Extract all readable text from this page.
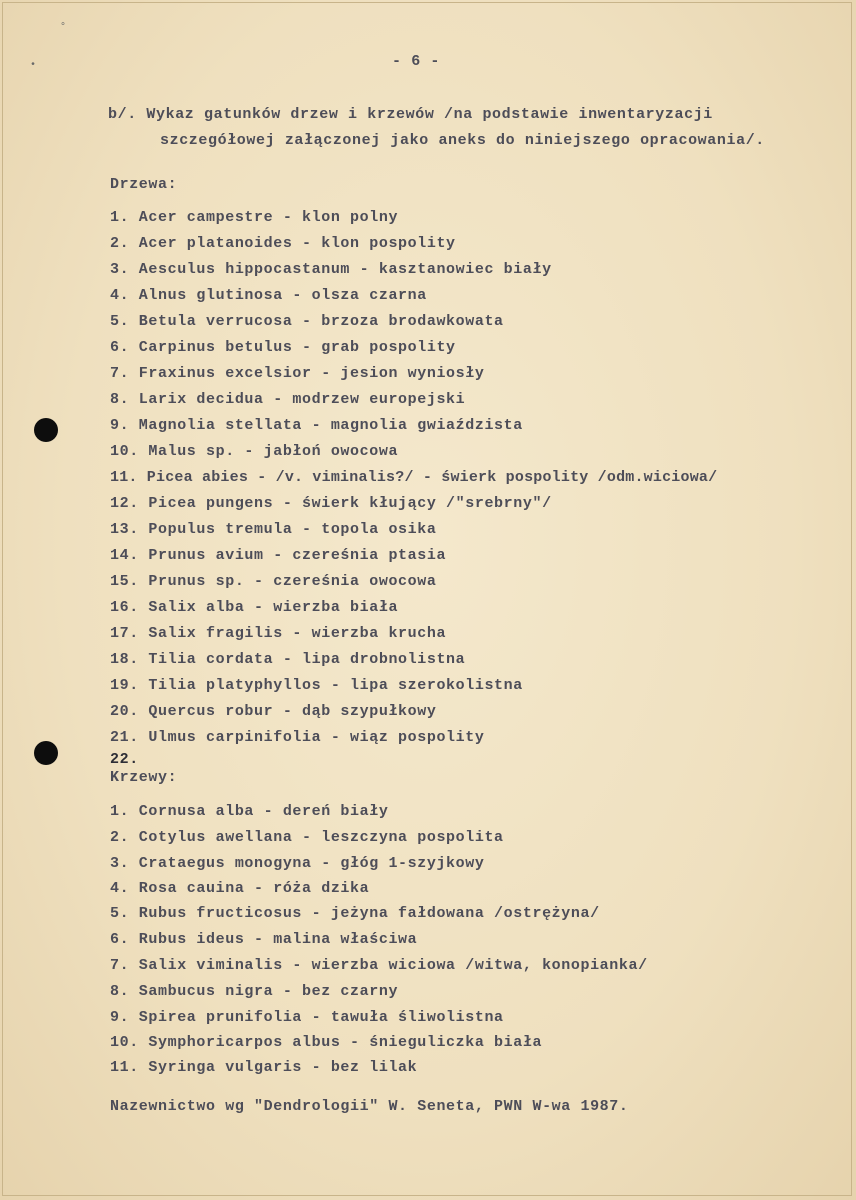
°
•	- 6 -
b/. Wykaz gatunków drzew i krzewów /na podstawie inwentaryzacji
szczegółowej załączonej jako aneks do niniejszego opracowania/.
Drzewa:
1. Acer campestre - klon polny
2. Acer platanoides - klon pospolity
3. Aesculus hippocastanum - kasztanowiec biały
4. Alnus glutinosa - olsza czarna
5. Betula verrucosa - brzoza brodawkowata
6. Carpinus betulus - grab pospolity
7. Fraxinus excelsior - jesion wyniosły
8. Larix decidua - modrzew europejski
9. Magnolia stellata - magnolia gwiaździsta
10. Malus sp. - jabłoń owocowa
11. Picea abies - /v. viminalis?/ - świerk pospolity /odm.wiciowa/
12. Picea pungens - świerk kłujący /"srebrny"/
13. Populus tremula - topola osika
14. Prunus avium - czereśnia ptasia
15. Prunus sp. - czereśnia owocowa
16. Salix alba - wierzba biała
17. Salix fragilis - wierzba krucha
18. Tilia cordata - lipa drobnolistna
19. Tilia platyphyllos - lipa szerokolistna
20. Quercus robur - dąb szypułkowy
21. Ulmus carpinifolia - wiąz pospolity
22.
Krzewy:
1. Cornusa alba - dereń biały
2. Cotylus awellana - leszczyna pospolita
3. Crataegus monogyna - głóg 1-szyjkowy
4. Rosa cauina - róża dzika
5. Rubus fructicosus - jeżyna fałdowana /ostrężyna/
6. Rubus ideus - malina właściwa
7. Salix viminalis - wierzba wiciowa /witwa, konopianka/
8. Sambucus nigra - bez czarny
9. Spirea prunifolia - tawuła śliwolistna
10. Symphoricarpos albus - śnieguliczka biała
11. Syringa vulgaris - bez lilak
Nazewnictwo wg "Dendrologii" W. Seneta, PWN W-wa 1987.
